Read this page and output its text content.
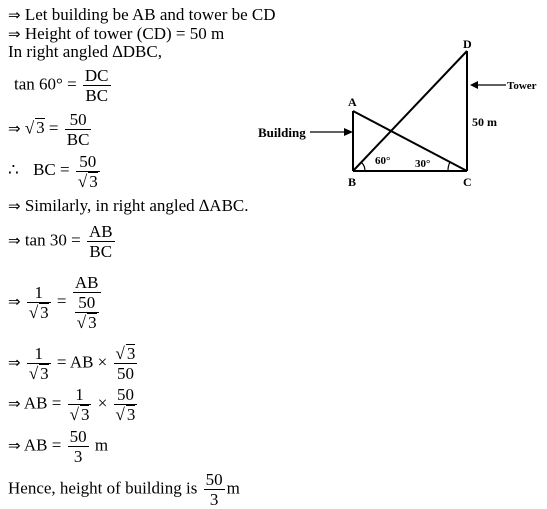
⇒ Let building be AB and tower be CD
⇒ Height of tower (CD) = 50 m
In right angled ∆DBC,
$\tan 60^\circ = \frac{DC}{BC}$
⇒ √ $3 = \frac{50}{BC}$
∴ BC = $\frac{50}{√ 3}$
⇒ Similarly, in right angled ∆ABC.
⇒ $\tan 30 = \frac{AB}{BC}$
⇒ $\frac{1}{√ 3} = \frac{AB}{\frac{50}{√ 3}}$
⇒ $\frac{1}{√ 3}$ = AB × $\frac{√ 3}{50}$
⇒ AB = $\frac{1}{√ 3} \times \frac{50}{√ 3}$
⇒ AB = $\frac{50}{3}$ m
Hence, height of building is $\frac{50}{3}$ m
Building
Tower
A
B	C
D
50 m
60° 30°
